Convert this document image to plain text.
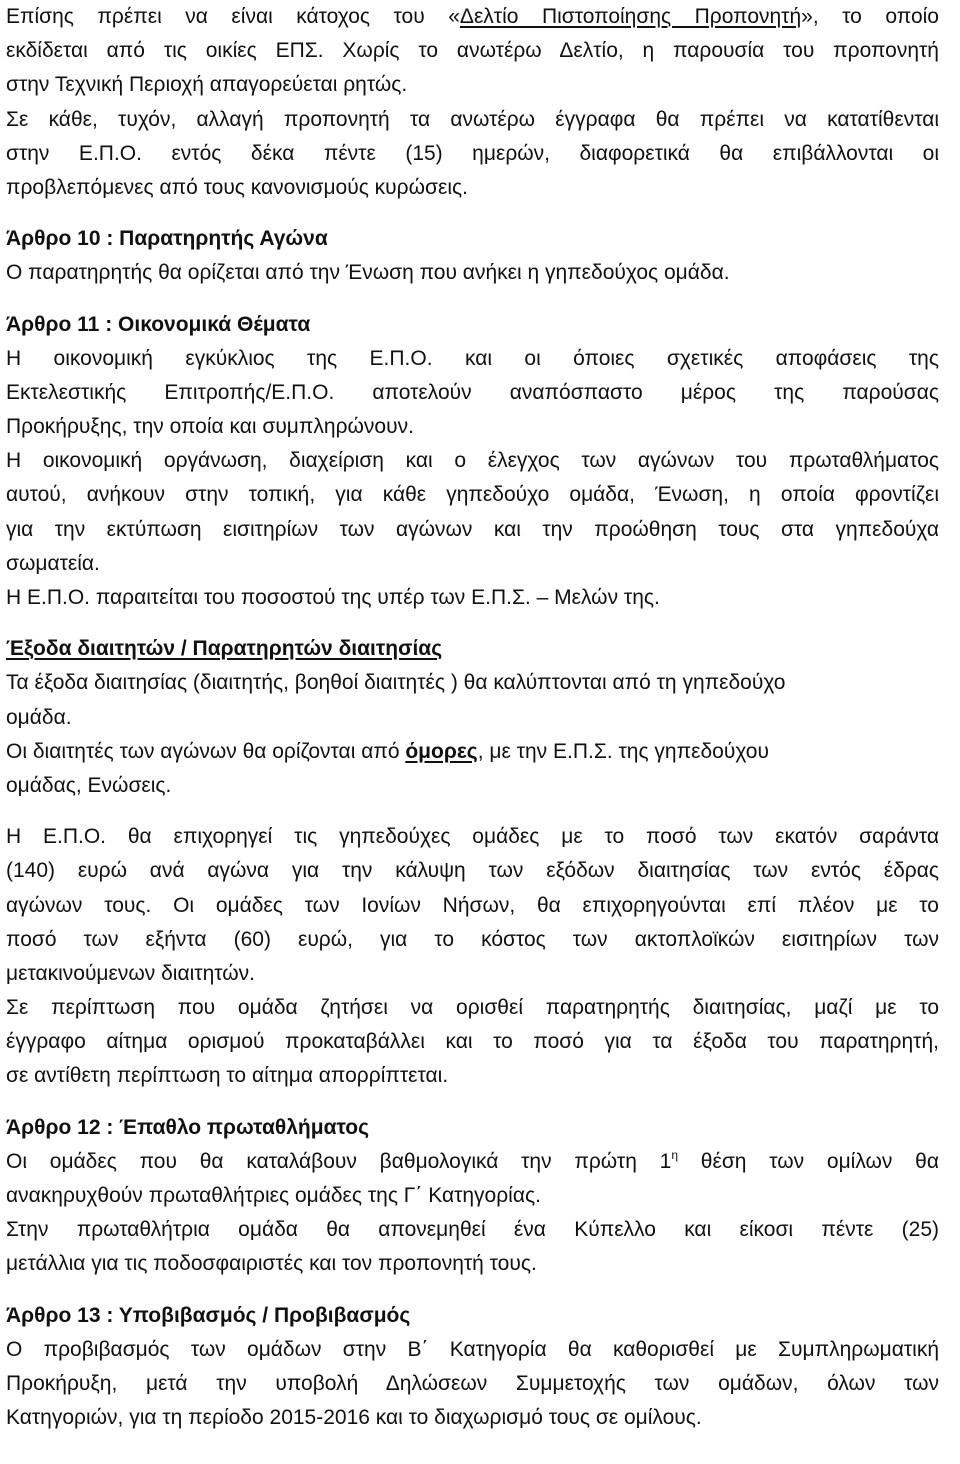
Επίσης πρέπει να είναι κάτοχος του «Δελτίο Πιστοποίησης Προπονητή», το οποίο
εκδίδεται από τις οικίες ΕΠΣ. Χωρίς το ανωτέρω Δελτίο, η παρουσία του προπονητή
στην Τεχνική Περιοχή απαγορεύεται ρητώς.
Σε κάθε, τυχόν, αλλαγή προπονητή τα ανωτέρω έγγραφα θα πρέπει να κατατίθενται
στην Ε.Π.Ο. εντός δέκα πέντε (15) ημερών, διαφορετικά θα επιβάλλονται οι
προβλεπόμενες από τους κανονισμούς κυρώσεις.
Άρθρο 10 : Παρατηρητής Αγώνα
Ο παρατηρητής θα ορίζεται από την Ένωση που ανήκει η γηπεδούχος ομάδα.
Άρθρο 11 : Οικονομικά Θέματα
Η οικονομική εγκύκλιος της Ε.Π.Ο. και οι όποιες σχετικές αποφάσεις της
Εκτελεστικής Επιτροπής/Ε.Π.Ο. αποτελούν αναπόσπαστο μέρος της παρούσας
Προκήρυξης, την οποία και συμπληρώνουν.
Η οικονομική οργάνωση, διαχείριση και ο έλεγχος των αγώνων του πρωταθλήματος
αυτού, ανήκουν στην τοπική, για κάθε γηπεδούχο ομάδα, Ένωση, η οποία φροντίζει
για την εκτύπωση εισιτηρίων των αγώνων και την προώθηση τους στα γηπεδούχα
σωματεία.
Η Ε.Π.Ο. παραιτείται του ποσοστού της υπέρ των Ε.Π.Σ. – Μελών της.
Έξοδα διαιτητών / Παρατηρητών διαιτησίας
Τα έξοδα διαιτησίας (διαιτητής, βοηθοί διαιτητές ) θα καλύπτονται από τη γηπεδούχο
ομάδα.
Οι διαιτητές των αγώνων θα ορίζονται από όμορες, με την Ε.Π.Σ. της γηπεδούχου
ομάδας, Ενώσεις.
Η Ε.Π.Ο. θα επιχορηγεί τις γηπεδούχες ομάδες με το ποσό των εκατόν σαράντα
(140) ευρώ ανά αγώνα για την κάλυψη των εξόδων διαιτησίας των εντός έδρας
αγώνων τους. Οι ομάδες των Ιονίων Νήσων, θα επιχορηγούνται επί πλέον με το
ποσό των εξήντα (60) ευρώ, για το κόστος των ακτοπλοϊκών εισιτηρίων των
μετακινούμενων διαιτητών.
Σε περίπτωση που ομάδα ζητήσει να ορισθεί παρατηρητής διαιτησίας, μαζί με το
έγγραφο αίτημα ορισμού προκαταβάλλει και το ποσό για τα έξοδα του παρατηρητή,
σε αντίθετη περίπτωση το αίτημα απορρίπτεται.
Άρθρο 12 : Έπαθλο πρωταθλήματος
Οι ομάδες που θα καταλάβουν βαθμολογικά την πρώτη $1^\eta$ θέση των ομίλων θα
ανακηρυχθούν πρωταθλήτριες ομάδες της Γ΄ Κατηγορίας.
Στην πρωταθλήτρια ομάδα θα απονεμηθεί ένα Κύπελλο και είκοσι πέντε (25)
μετάλλια για τις ποδοσφαιριστές και τον προπονητή τους.
Άρθρο 13 : Υποβιβασμός / Προβιβασμός
Ο προβιβασμός των ομάδων στην Β΄ Κατηγορία θα καθορισθεί με Συμπληρωματική
Προκήρυξη, μετά την υποβολή Δηλώσεων Συμμετοχής των ομάδων, όλων των
Κατηγοριών, για τη περίοδο 2015-2016 και το διαχωρισμό τους σε ομίλους.
